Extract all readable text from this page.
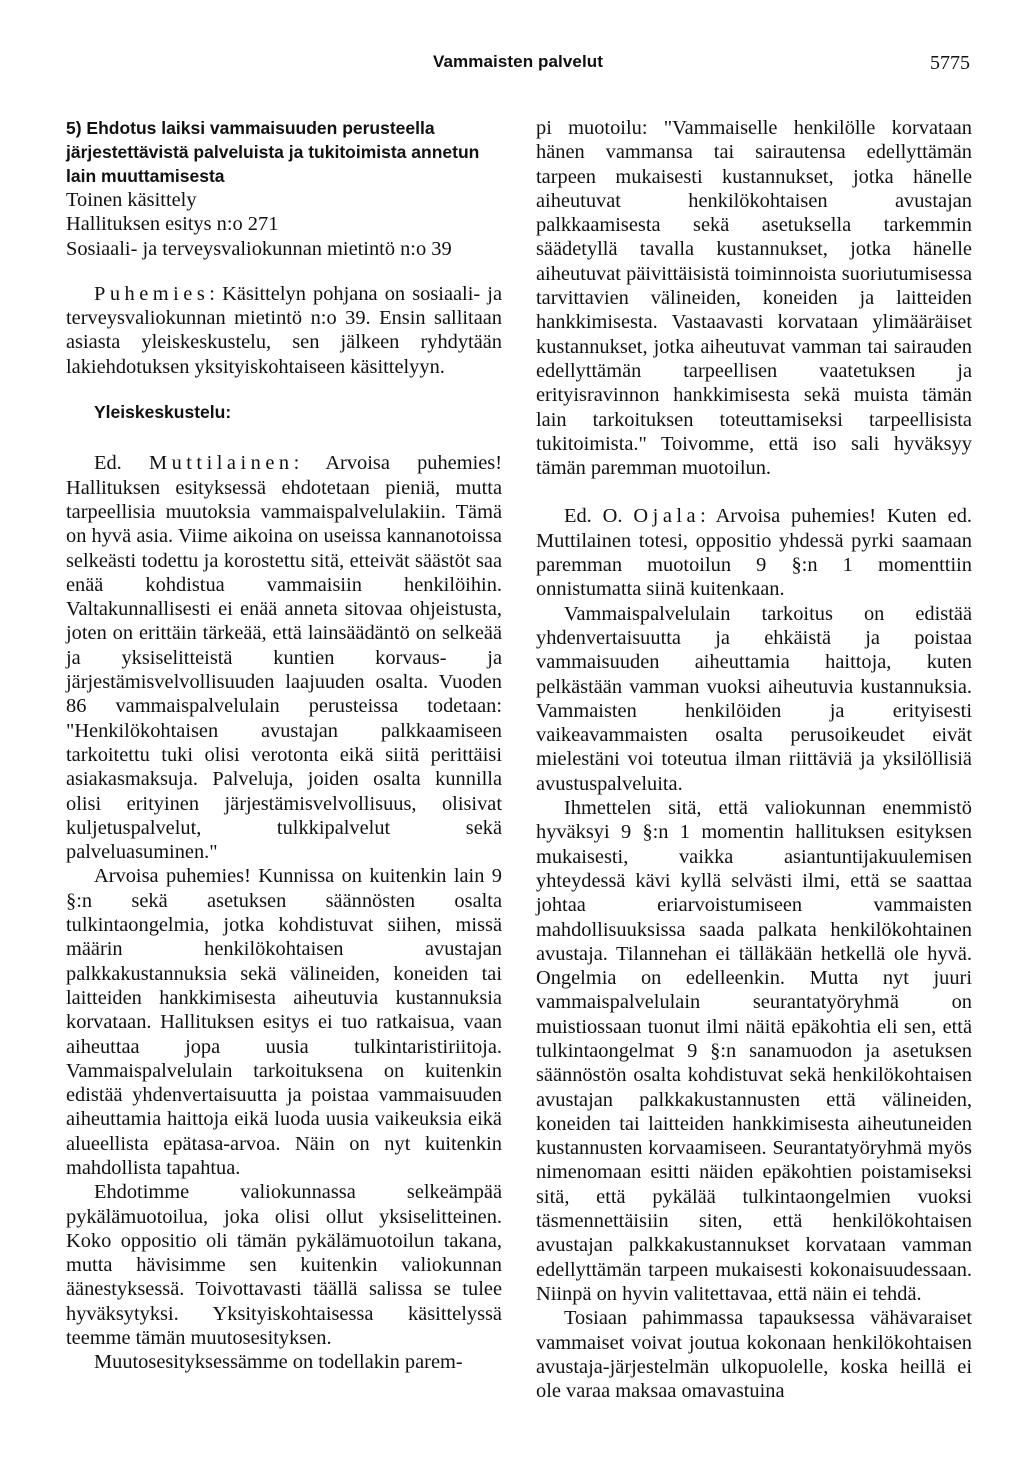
Vammaisten palvelut	5775

5) Ehdotus laiksi vammaisuuden perusteella järjestettävistä palveluista ja tukitoimista annetun lain muuttamisesta

Toinen käsittely

Hallituksen esitys n:o 271

Sosiaali- ja terveysvaliokunnan mietintö n:o 39

Puhemies: Käsittelyn pohjana on sosiaali- ja terveysvaliokunnan mietintö n:o 39. Ensin sallitaan asiasta yleiskeskustelu, sen jälkeen ryhdytään lakiehdotuksen yksityiskohtaiseen käsittelyyn.

Yleiskeskustelu:

Ed. Muttilainen: Arvoisa puhemies! Hallituksen esityksessä ehdotetaan pieniä, mutta tarpeellisia muutoksia vammaispalvelulakiin. Tämä on hyvä asia. Viime aikoina on useissa kannanotoissa selkeästi todettu ja korostettu sitä, etteivät säästöt saa enää kohdistua vammaisiin henkilöihin. Valtakunnallisesti ei enää anneta sitovaa ohjeistusta, joten on erittäin tärkeää, että lainsäädäntö on selkeää ja yksiselitteistä kuntien korvaus- ja järjestämisvelvollisuuden laajuuden osalta. Vuoden 86 vammaispalvelulain perusteissa todetaan: "Henkilökohtaisen avustajan palkkaamiseen tarkoitettu tuki olisi verotonta eikä siitä perittäisi asiakasmaksuja. Palveluja, joiden osalta kunnilla olisi erityinen järjestämisvelvollisuus, olisivat kuljetuspalvelut, tulkkipalvelut sekä palveluasuminen."

Arvoisa puhemies! Kunnissa on kuitenkin lain 9 §:n sekä asetuksen säännösten osalta tulkintaongelmia, jotka kohdistuvat siihen, missä määrin henkilökohtaisen avustajan palkkakustannuksia sekä välineiden, koneiden tai laitteiden hankkimisesta aiheutuvia kustannuksia korvataan. Hallituksen esitys ei tuo ratkaisua, vaan aiheuttaa jopa uusia tulkintaristiriitoja. Vammaispalvelulain tarkoituksena on kuitenkin edistää yhdenvertaisuutta ja poistaa vammaisuuden aiheuttamia haittoja eikä luoda uusia vaikeuksia eikä alueellista epätasa-arvoa. Näin on nyt kuitenkin mahdollista tapahtua.

Ehdotimme valiokunnassa selkeämpää pykälämuotoilua, joka olisi ollut yksiselitteinen. Koko oppositio oli tämän pykälämuotoilun takana, mutta hävisimme sen kuitenkin valiokunnan äänestyksessä. Toivottavasti täällä salissa se tulee hyväksytyksi. Yksityiskohtaisessa käsittelyssä teemme tämän muutosesityksen.

Muutosesityksessämme on todellakin parem-

pi muotoilu: "Vammaiselle henkilölle korvataan hänen vammansa tai sairautensa edellyttämän tarpeen mukaisesti kustannukset, jotka hänelle aiheutuvat henkilökohtaisen avustajan palkkaamisesta sekä asetuksella tarkemmin säädetyllä tavalla kustannukset, jotka hänelle aiheutuvat päivittäisistä toiminnoista suoriutumisessa tarvittavien välineiden, koneiden ja laitteiden hankkimisesta. Vastaavasti korvataan ylimääräiset kustannukset, jotka aiheutuvat vamman tai sairauden edellyttämän tarpeellisen vaatetuksen ja erityisravinnon hankkimisesta sekä muista tämän lain tarkoituksen toteuttamiseksi tarpeellisista tukitoimista." Toivomme, että iso sali hyväksyy tämän paremman muotoilun.

Ed. O. Ojala: Arvoisa puhemies! Kuten ed. Muttilainen totesi, oppositio yhdessä pyrki saamaan paremman muotoilun 9 §:n 1 momenttiin onnistumatta siinä kuitenkaan.

Vammaispalvelulain tarkoitus on edistää yhdenvertaisuutta ja ehkäistä ja poistaa vammaisuuden aiheuttamia haittoja, kuten pelkästään vamman vuoksi aiheutuvia kustannuksia. Vammaisten henkilöiden ja erityisesti vaikeavammaisten osalta perusoikeudet eivät mielestäni voi toteutua ilman riittäviä ja yksilöllisiä avustuspalveluita.

Ihmettelen sitä, että valiokunnan enemmistö hyväksyi 9 §:n 1 momentin hallituksen esityksen mukaisesti, vaikka asiantuntijakuulemisen yhteydessä kävi kyllä selvästi ilmi, että se saattaa johtaa eriarvoistumiseen vammaisten mahdollisuuksissa saada palkata henkilökohtainen avustaja. Tilannehan ei tälläkään hetkellä ole hyvä. Ongelmia on edelleenkin. Mutta nyt juuri vammaispalvelulain seurantatyöryhmä on muistiossaan tuonut ilmi näitä epäkohtia eli sen, että tulkintaongelmat 9 §:n sanamuodon ja asetuksen säännöstön osalta kohdistuvat sekä henkilökohtaisen avustajan palkkakustannusten että välineiden, koneiden tai laitteiden hankkimisesta aiheutuneiden kustannusten korvaamiseen. Seurantatyöryhmä myös nimenomaan esitti näiden epäkohtien poistamiseksi sitä, että pykälää tulkintaongelmien vuoksi täsmennettäisiin siten, että henkilökohtaisen avustajan palkkakustannukset korvataan vamman edellyttämän tarpeen mukaisesti kokonaisuudessaan. Niinpä on hyvin valitettavaa, että näin ei tehdä.

Tosiaan pahimmassa tapauksessa vähävaraiset vammaiset voivat joutua kokonaan henkilökohtaisen avustaja-järjestelmän ulkopuolelle, koska heillä ei ole varaa maksaa omavastuina
